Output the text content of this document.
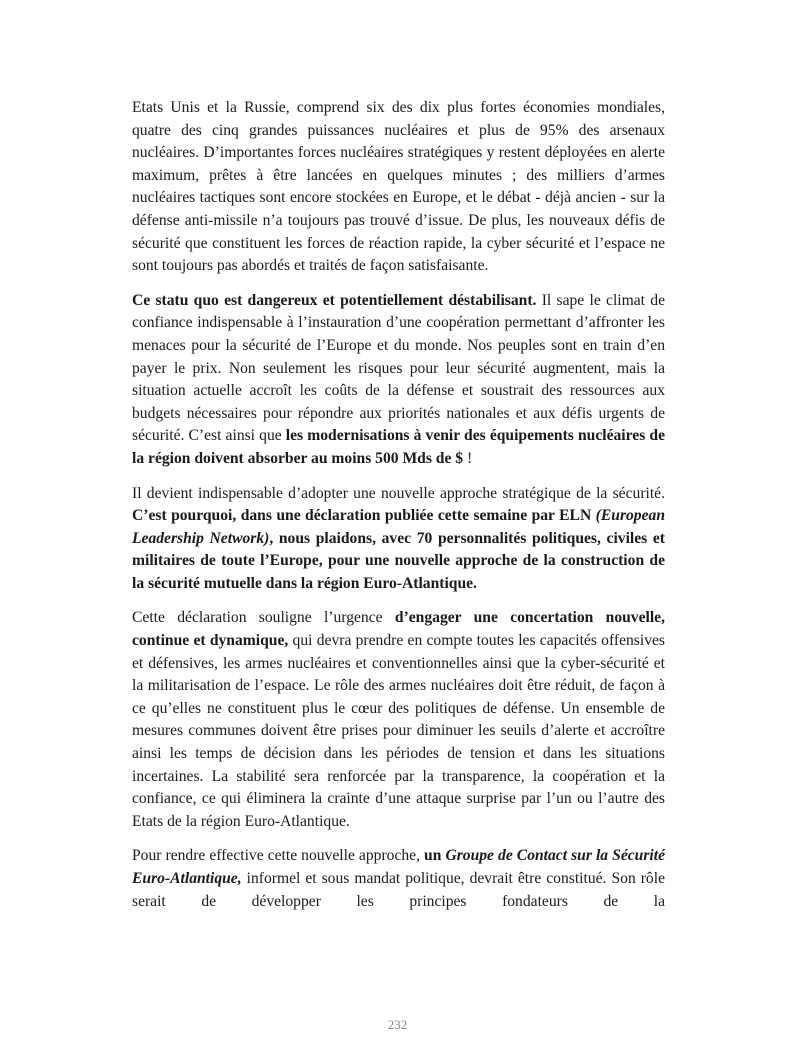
Etats Unis et la Russie, comprend six des dix plus fortes économies mondiales, quatre des cinq grandes puissances nucléaires et plus de 95% des arsenaux nucléaires. D’importantes forces nucléaires stratégiques y restent déployées en alerte maximum, prêtes à être lancées en quelques minutes ; des milliers d’armes nucléaires tactiques sont encore stockées en Europe, et le débat - déjà ancien - sur la défense anti-missile n’a toujours pas trouvé d’issue. De plus, les nouveaux défis de sécurité que constituent les forces de réaction rapide, la cyber sécurité et l’espace ne sont toujours pas abordés et traités de façon satisfaisante.

Ce statu quo est dangereux et potentiellement déstabilisant. Il sape le climat de confiance indispensable à l’instauration d’une coopération permettant d’affronter les menaces pour la sécurité de l’Europe et du monde. Nos peuples sont en train d’en payer le prix. Non seulement les risques pour leur sécurité augmentent, mais la situation actuelle accroît les coûts de la défense et soustrait des ressources aux budgets nécessaires pour répondre aux priorités nationales et aux défis urgents de sécurité. C’est ainsi que les modernisations à venir des équipements nucléaires de la région doivent absorber au moins 500 Mds de $ !

Il devient indispensable d’adopter une nouvelle approche stratégique de la sécurité. C’est pourquoi, dans une déclaration publiée cette semaine par ELN (European Leadership Network), nous plaidons, avec 70 personnalités politiques, civiles et militaires de toute l’Europe, pour une nouvelle approche de la construction de la sécurité mutuelle dans la région Euro-Atlantique.

Cette déclaration souligne l’urgence d’engager une concertation nouvelle, continue et dynamique, qui devra prendre en compte toutes les capacités offensives et défensives, les armes nucléaires et conventionnelles ainsi que la cyber-sécurité et la militarisation de l’espace. Le rôle des armes nucléaires doit être réduit, de façon à ce qu’elles ne constituent plus le cœur des politiques de défense. Un ensemble de mesures communes doivent être prises pour diminuer les seuils d’alerte et accroître ainsi les temps de décision dans les périodes de tension et dans les situations incertaines. La stabilité sera renforcée par la transparence, la coopération et la confiance, ce qui éliminera la crainte d’une attaque surprise par l’un ou l’autre des Etats de la région Euro-Atlantique.

Pour rendre effective cette nouvelle approche, un Groupe de Contact sur la Sécurité Euro-Atlantique, informel et sous mandat politique, devrait être constitué. Son rôle serait de développer les principes fondateurs de la

232
